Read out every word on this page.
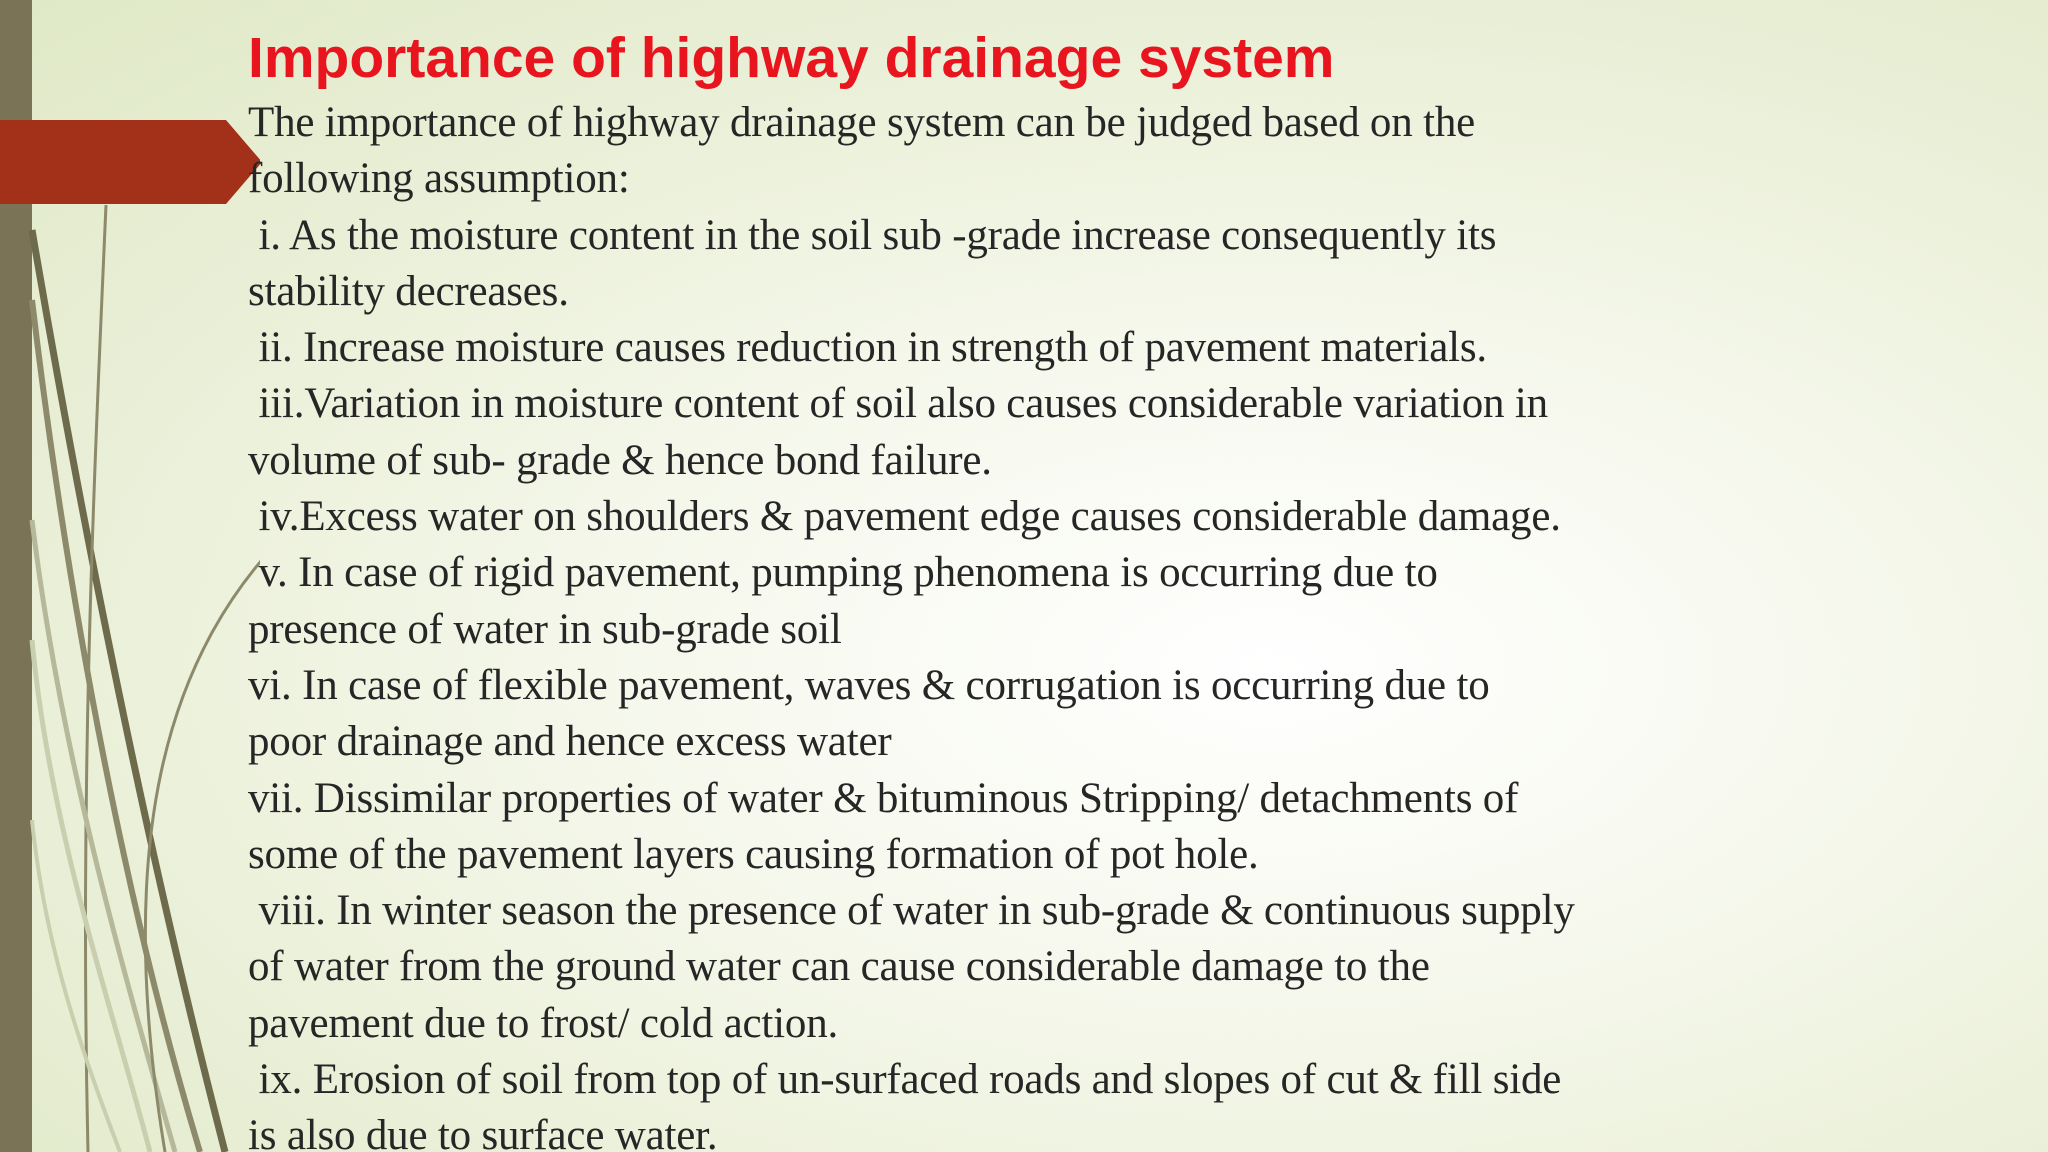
Importance of highway drainage system
The importance of highway drainage system can be judged based on the
following assumption:
i. As the moisture content in the soil sub -grade increase consequently its
stability decreases.
ii. Increase moisture causes reduction in strength of pavement materials.
iii.Variation in moisture content of soil also causes considerable variation in
volume of sub- grade & hence bond failure.
iv.Excess water on shoulders & pavement edge causes considerable damage.
v. In case of rigid pavement, pumping phenomena is occurring due to
presence of water in sub-grade soil
vi. In case of flexible pavement, waves & corrugation is occurring due to
poor drainage and hence excess water
vii. Dissimilar properties of water & bituminous Stripping/ detachments of
some of the pavement layers causing formation of pot hole.
viii. In winter season the presence of water in sub-grade & continuous supply
of water from the ground water can cause considerable damage to the
pavement due to frost/ cold action.
ix. Erosion of soil from top of un-surfaced roads and slopes of cut & fill side
is also due to surface water.
